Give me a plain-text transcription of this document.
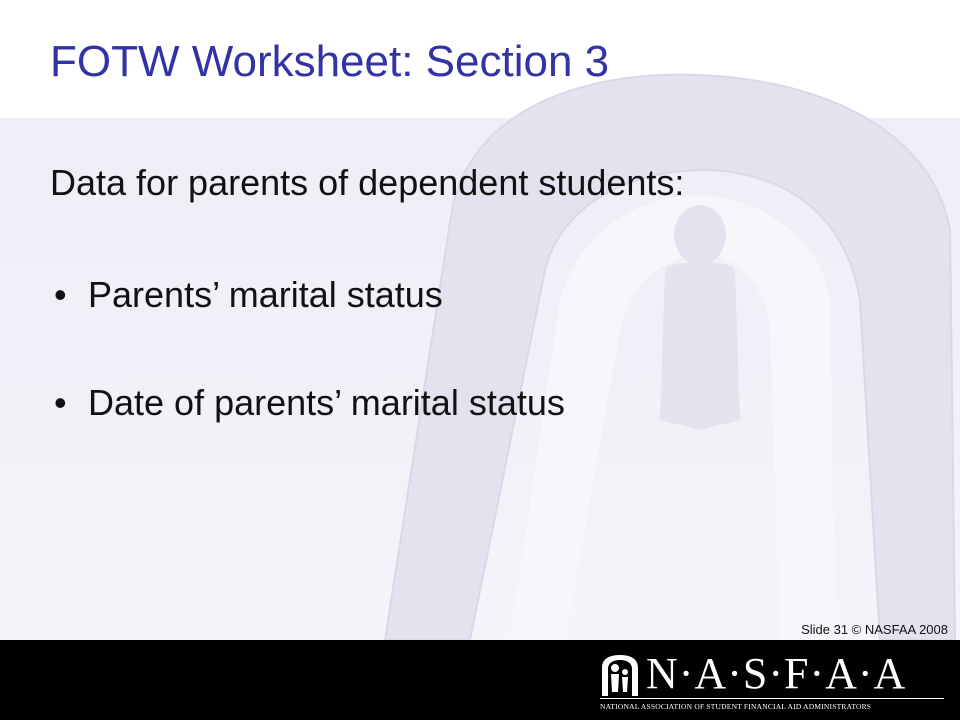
FOTW Worksheet: Section 3
Data for parents of dependent students:
• Parents’ marital status
• Date of parents’ marital status
Slide 31 © NASFAA 2008
N·A·S·F·A·A
NATIONAL ASSOCIATION OF STUDENT FINANCIAL AID ADMINISTRATORS
